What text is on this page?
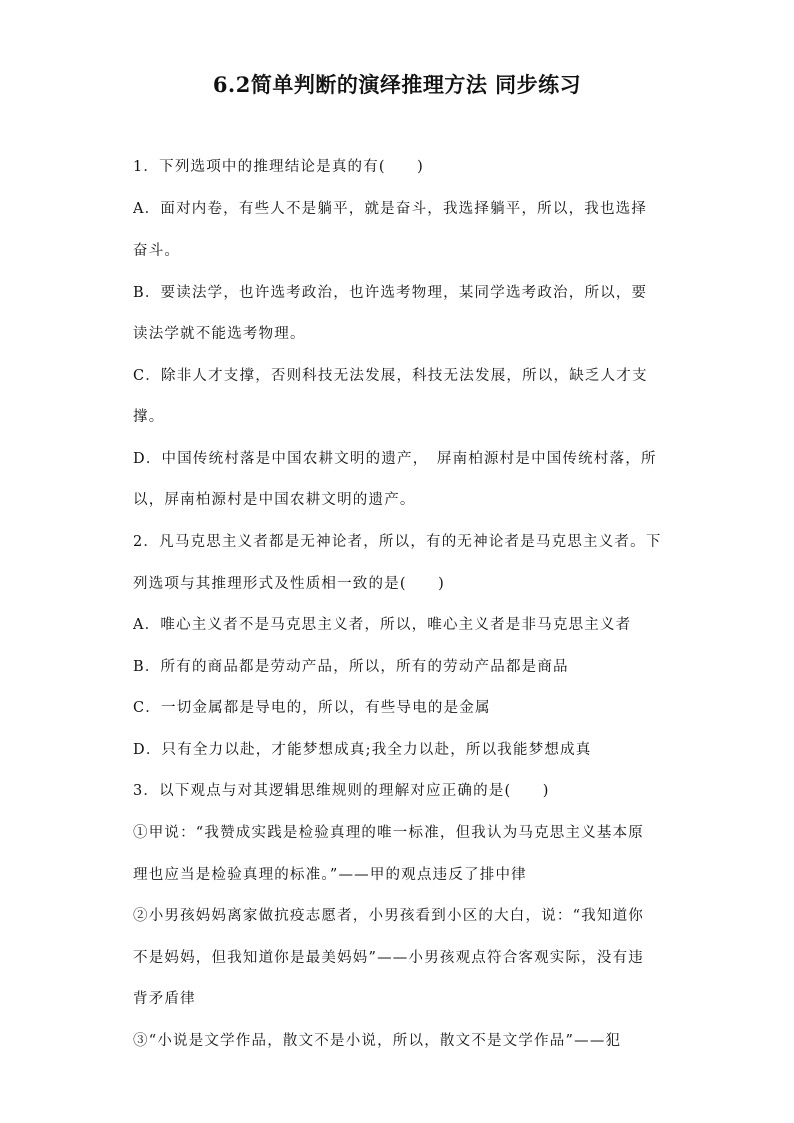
6.2简单判断的演绎推理方法 同步练习
1．下列选项中的推理结论是真的有(　　)
A．面对内卷，有些人不是躺平，就是奋斗，我选择躺平，所以，我也选择
奋斗。
B．要读法学，也许选考政治，也许选考物理，某同学选考政治，所以，要
读法学就不能选考物理。
C．除非人才支撑，否则科技无法发展，科技无法发展，所以，缺乏人才支
撑。
D．中国传统村落是中国农耕文明的遗产，　屏南柏源村是中国传统村落，所
以，屏南柏源村是中国农耕文明的遗产。
2．凡马克思主义者都是无神论者，所以，有的无神论者是马克思主义者。下
列选项与其推理形式及性质相一致的是(　　)
A．唯心主义者不是马克思主义者，所以，唯心主义者是非马克思主义者
B．所有的商品都是劳动产品，所以，所有的劳动产品都是商品
C．一切金属都是导电的，所以，有些导电的是金属
D．只有全力以赴，才能梦想成真;我全力以赴，所以我能梦想成真
3．以下观点与对其逻辑思维规则的理解对应正确的是(　　)
①甲说：“我赞成实践是检验真理的唯一标准，但我认为马克思主义基本原
理也应当是检验真理的标准。”——甲的观点违反了排中律
②小男孩妈妈离家做抗疫志愿者，小男孩看到小区的大白，说：“我知道你
不是妈妈，但我知道你是最美妈妈”——小男孩观点符合客观实际，没有违
背矛盾律
③“小说是文学作品，散文不是小说，所以，散文不是文学作品”——犯
